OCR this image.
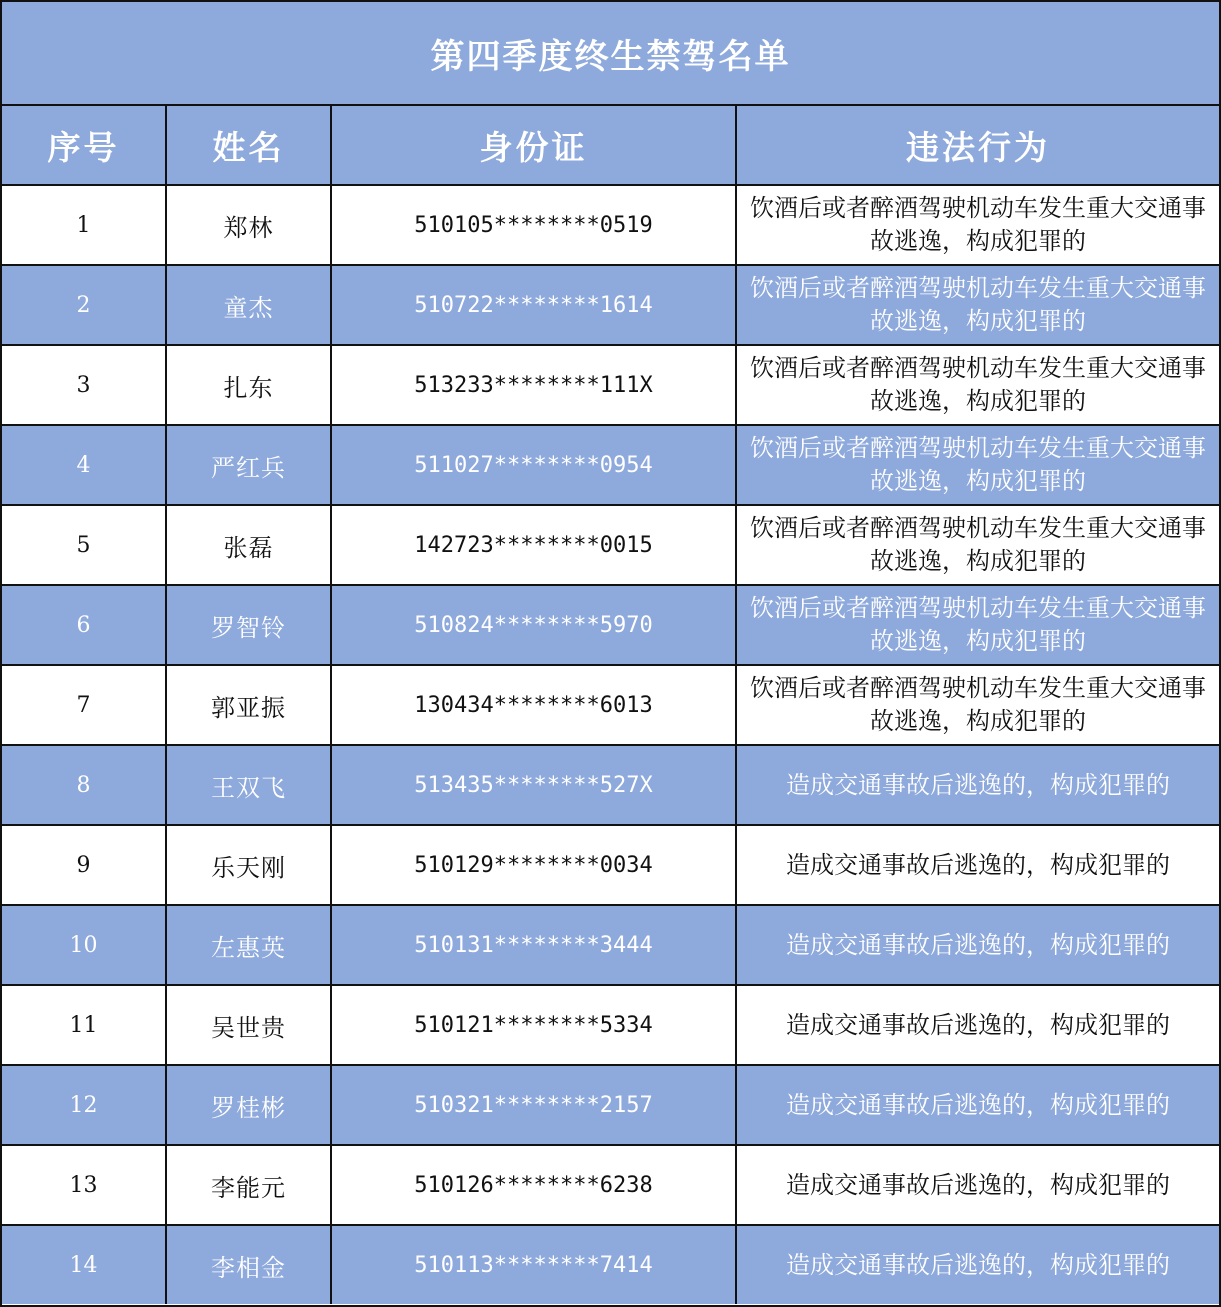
第四季度终生禁驾名单
序号	姓名	身份证	违法行为
1	郑林	510105********0519	饮酒后或者醉酒驾驶机动车发生重大交通事故逃逸，构成犯罪的
2	童杰	510722********1614	饮酒后或者醉酒驾驶机动车发生重大交通事故逃逸，构成犯罪的
3	扎东	513233********111X	饮酒后或者醉酒驾驶机动车发生重大交通事故逃逸，构成犯罪的
4	严红兵	511027********0954	饮酒后或者醉酒驾驶机动车发生重大交通事故逃逸，构成犯罪的
5	张磊	142723********0015	饮酒后或者醉酒驾驶机动车发生重大交通事故逃逸，构成犯罪的
6	罗智铃	510824********5970	饮酒后或者醉酒驾驶机动车发生重大交通事故逃逸，构成犯罪的
7	郭亚振	130434********6013	饮酒后或者醉酒驾驶机动车发生重大交通事故逃逸，构成犯罪的
8	王双飞	513435********527X	造成交通事故后逃逸的，构成犯罪的
9	乐天刚	510129********0034	造成交通事故后逃逸的，构成犯罪的
10	左惠英	510131********3444	造成交通事故后逃逸的，构成犯罪的
11	吴世贵	510121********5334	造成交通事故后逃逸的，构成犯罪的
12	罗桂彬	510321********2157	造成交通事故后逃逸的，构成犯罪的
13	李能元	510126********6238	造成交通事故后逃逸的，构成犯罪的
14	李相金	510113********7414	造成交通事故后逃逸的，构成犯罪的
